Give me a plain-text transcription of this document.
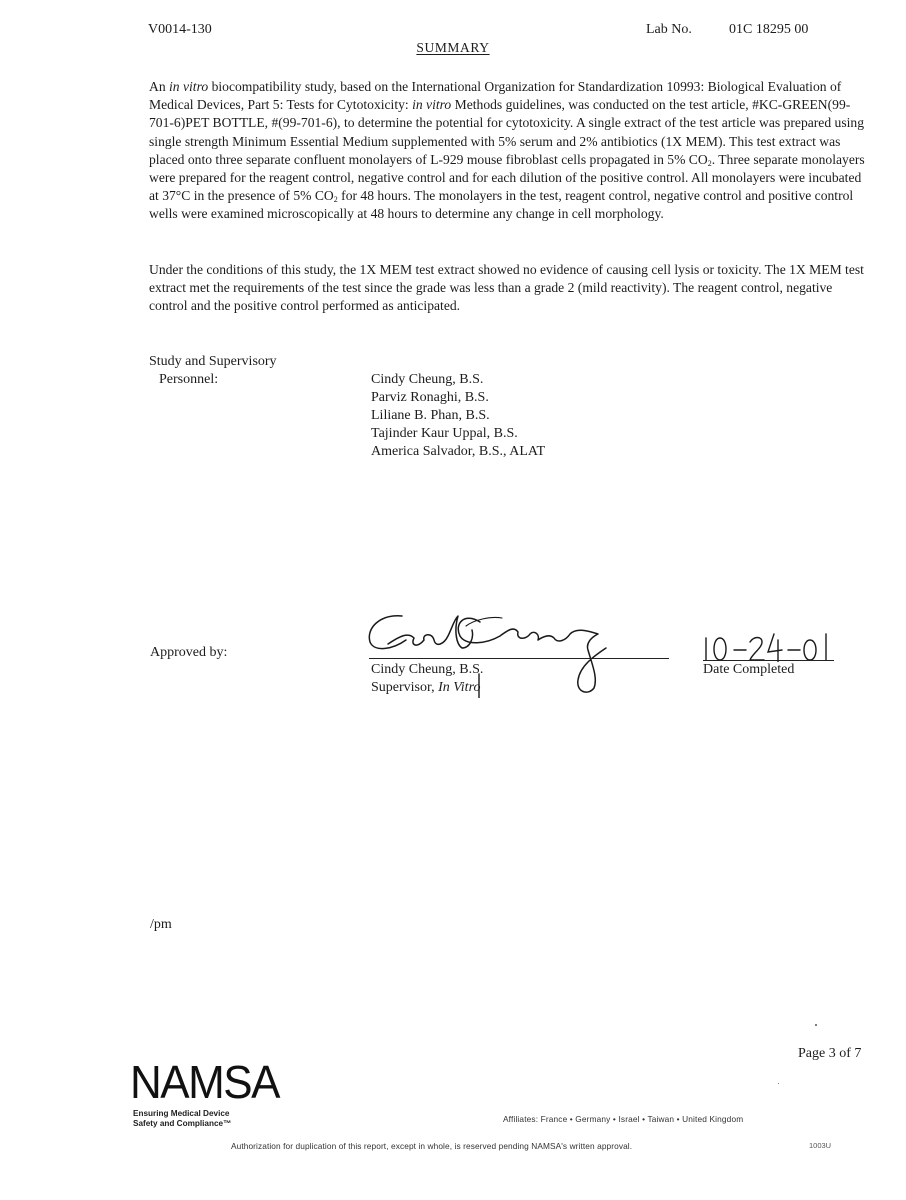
V0014-130	Lab No.	01C 18295 00
SUMMARY

An in vitro biocompatibility study, based on the International Organization for Standardization 10993: Biological Evaluation of Medical Devices, Part 5: Tests for Cytotoxicity: in vitro Methods guidelines, was conducted on the test article, #KC-GREEN(99-701-6)PET BOTTLE, #(99-701-6), to determine the potential for cytotoxicity. A single extract of the test article was prepared using single strength Minimum Essential Medium supplemented with 5% serum and 2% antibiotics (1X MEM). This test extract was placed onto three separate confluent monolayers of L-929 mouse fibroblast cells propagated in 5% $CO_2$. Three separate monolayers were prepared for the reagent control, negative control and for each dilution of the positive control. All monolayers were incubated at 37°C in the presence of 5% $CO_2$ for 48 hours. The monolayers in the test, reagent control, negative control and positive control wells were examined microscopically at 48 hours to determine any change in cell morphology.

Under the conditions of this study, the 1X MEM test extract showed no evidence of causing cell lysis or toxicity. The 1X MEM test extract met the requirements of the test since the grade was less than a grade 2 (mild reactivity). The reagent control, negative control and the positive control performed as anticipated.

Study and Supervisory
Personnel:	Cindy Cheung, B.S.
Parviz Ronaghi, B.S.
Liliane B. Phan, B.S.
Tajinder Kaur Uppal, B.S.
America Salvador, B.S., ALAT
Approved by:
Cindy Cheung, B.S.
Supervisor, In Vitro
Date Completed
/pm
Page 3 of 7
NAMSA
Ensuring Medical Device
Safety and Compliance™	Affiliates: France • Germany • Israel • Taiwan • United Kingdom
Authorization for duplication of this report, except in whole, is reserved pending NAMSA's written approval.	1003U
